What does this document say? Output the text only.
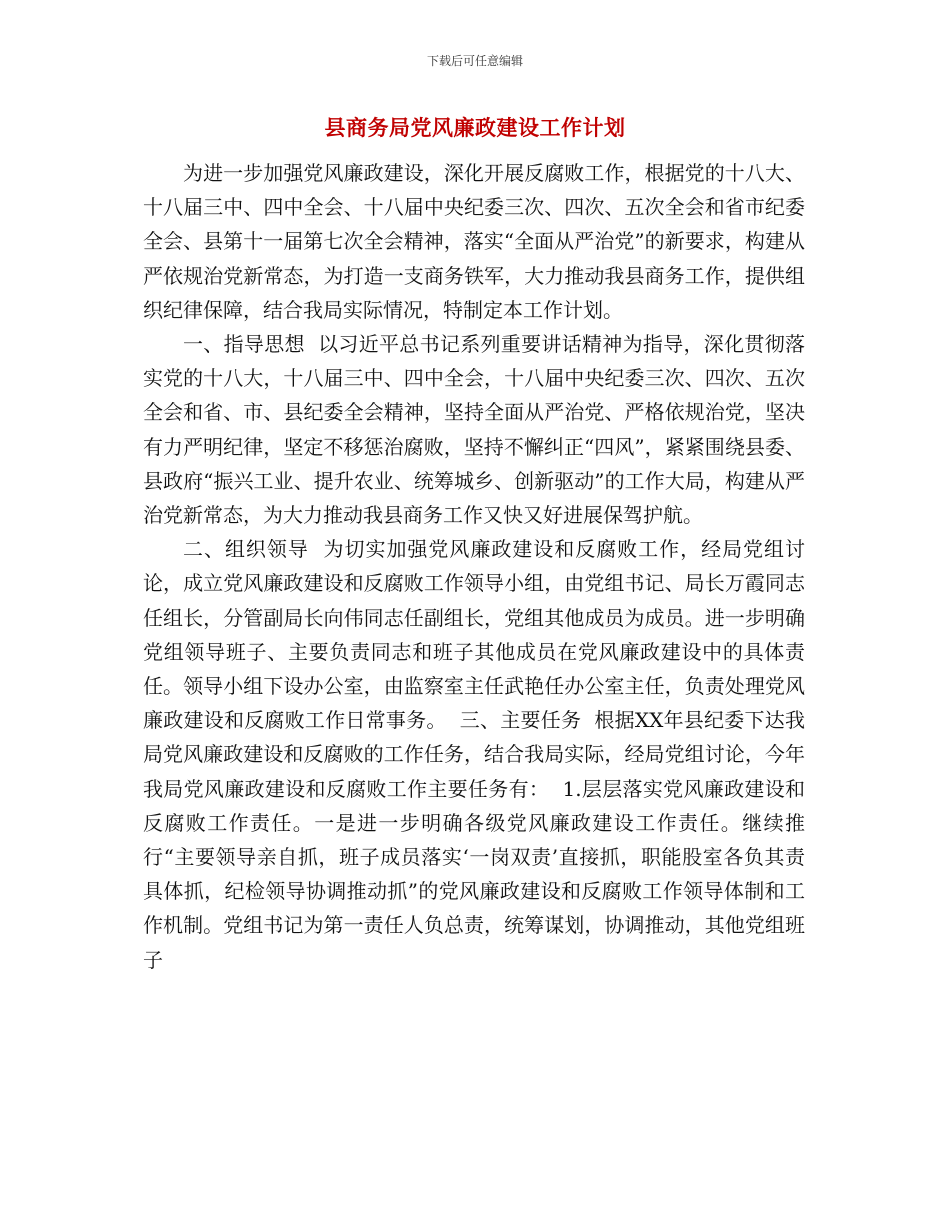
下载后可任意编辑
县商务局党风廉政建设工作计划

为进一步加强党风廉政建设，深化开展反腐败工作，根据党的十八大、十八届三中、四中全会、十八届中央纪委三次、四次、五次全会和省市纪委全会、县第十一届第七次全会精神，落实“全面从严治党”的新要求，构建从严依规治党新常态，为打造一支商务铁军，大力推动我县商务工作，提供组织纪律保障，结合我局实际情况，特制定本工作计划。

一、指导思想  以习近平总书记系列重要讲话精神为指导，深化贯彻落实党的十八大，十八届三中、四中全会，十八届中央纪委三次、四次、五次全会和省、市、县纪委全会精神，坚持全面从严治党、严格依规治党，坚决有力严明纪律，坚定不移惩治腐败，坚持不懈纠正“四风”，紧紧围绕县委、县政府“振兴工业、提升农业、统筹城乡、创新驱动”的工作大局，构建从严治党新常态，为大力推动我县商务工作又快又好进展保驾护航。

二、组织领导  为切实加强党风廉政建设和反腐败工作，经局党组讨论，成立党风廉政建设和反腐败工作领导小组，由党组书记、局长万霞同志任组长，分管副局长向伟同志任副组长，党组其他成员为成员。进一步明确党组领导班子、主要负责同志和班子其他成员在党风廉政建设中的具体责任。领导小组下设办公室，由监察室主任武艳任办公室主任，负责处理党风廉政建设和反腐败工作日常事务。  三、主要任务  根据XX年县纪委下达我局党风廉政建设和反腐败的工作任务，结合我局实际，经局党组讨论，今年我局党风廉政建设和反腐败工作主要任务有：  1.层层落实党风廉政建设和反腐败工作责任。一是进一步明确各级党风廉政建设工作责任。继续推行“主要领导亲自抓，班子成员落实‘一岗双责’直接抓，职能股室各负其责具体抓，纪检领导协调推动抓”的党风廉政建设和反腐败工作领导体制和工作机制。党组书记为第一责任人负总责，统筹谋划，协调推动，其他党组班子
